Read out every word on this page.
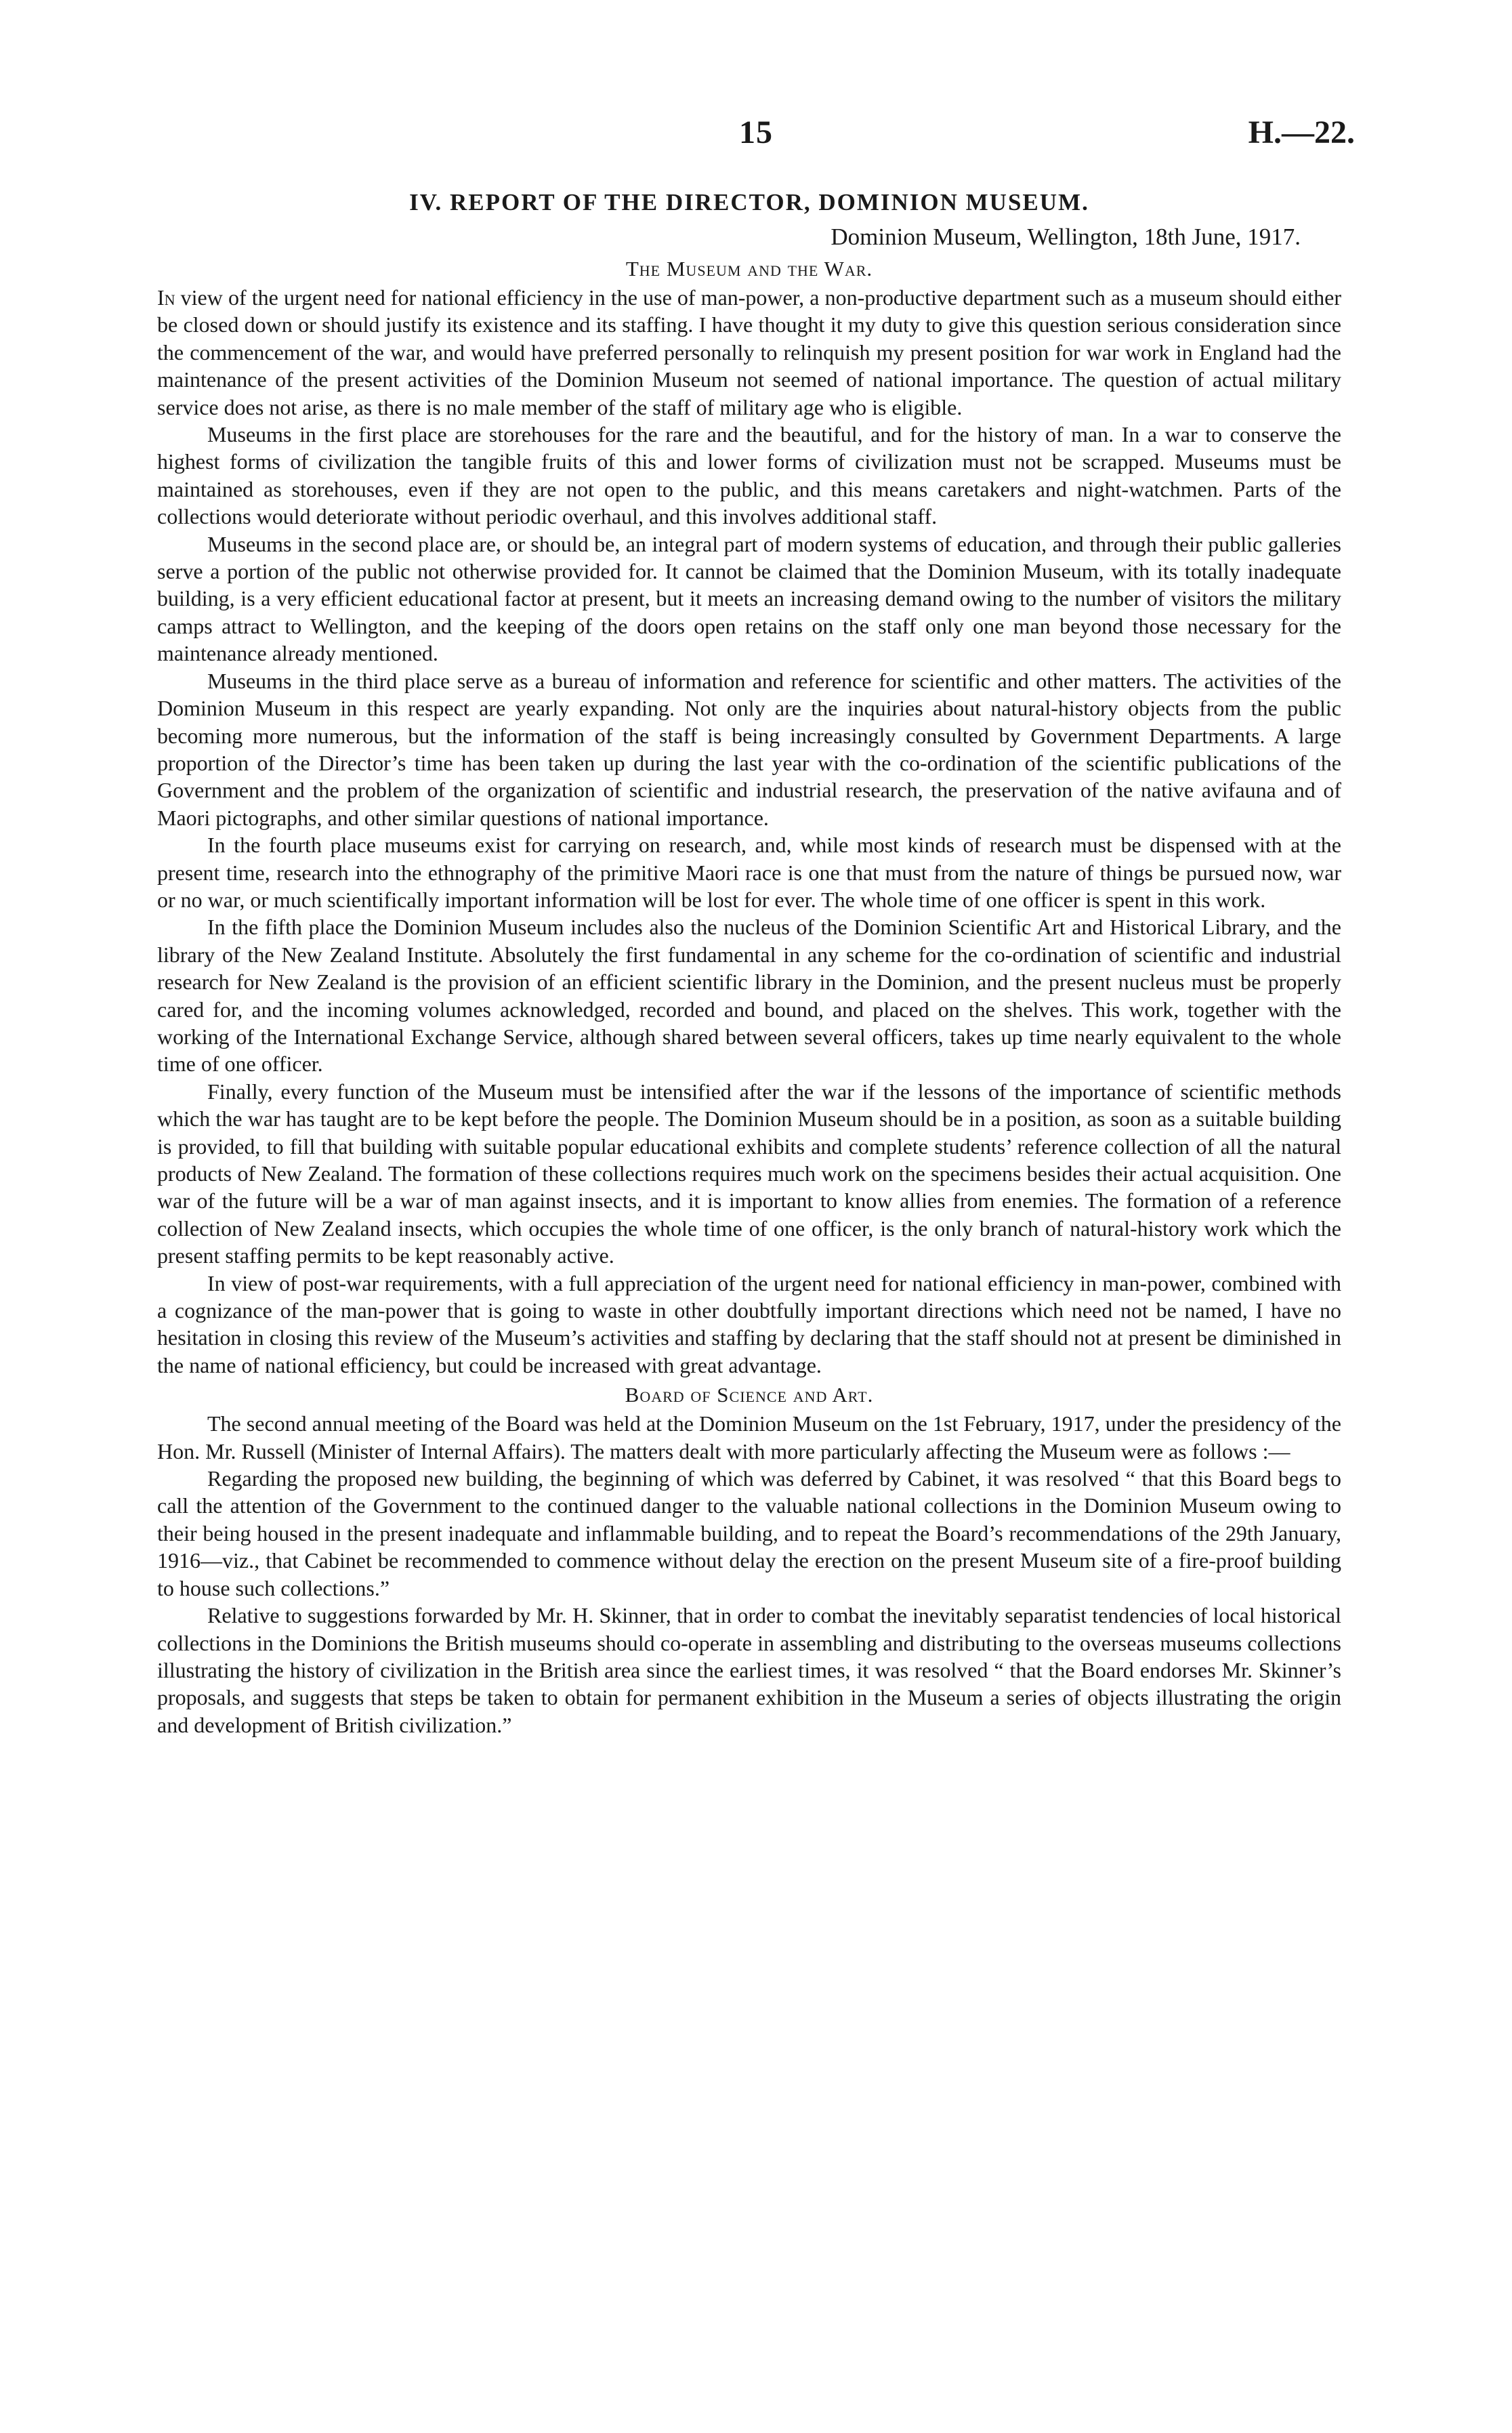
15	H.—22.
IV. REPORT OF THE DIRECTOR, DOMINION MUSEUM.
Dominion Museum, Wellington, 18th June, 1917.
The Museum and the War.

In view of the urgent need for national efficiency in the use of man-power, a non-productive department such as a museum should either be closed down or should justify its existence and its staffing. I have thought it my duty to give this question serious consideration since the commencement of the war, and would have preferred personally to relinquish my present position for war work in England had the maintenance of the present activities of the Dominion Museum not seemed of national importance. The question of actual military service does not arise, as there is no male member of the staff of military age who is eligible.

Museums in the first place are storehouses for the rare and the beautiful, and for the history of man. In a war to conserve the highest forms of civilization the tangible fruits of this and lower forms of civilization must not be scrapped. Museums must be maintained as storehouses, even if they are not open to the public, and this means caretakers and night-watchmen. Parts of the collections would deteriorate without periodic overhaul, and this involves additional staff.

Museums in the second place are, or should be, an integral part of modern systems of education, and through their public galleries serve a portion of the public not otherwise provided for. It cannot be claimed that the Dominion Museum, with its totally inadequate building, is a very efficient educational factor at present, but it meets an increasing demand owing to the number of visitors the military camps attract to Wellington, and the keeping of the doors open retains on the staff only one man beyond those necessary for the maintenance already mentioned.

Museums in the third place serve as a bureau of information and reference for scientific and other matters. The activities of the Dominion Museum in this respect are yearly expanding. Not only are the inquiries about natural-history objects from the public becoming more numerous, but the information of the staff is being increasingly consulted by Government Departments. A large proportion of the Director’s time has been taken up during the last year with the co-ordination of the scientific publications of the Government and the problem of the organization of scientific and industrial research, the preservation of the native avifauna and of Maori pictographs, and other similar questions of national importance.

In the fourth place museums exist for carrying on research, and, while most kinds of research must be dispensed with at the present time, research into the ethnography of the primitive Maori race is one that must from the nature of things be pursued now, war or no war, or much scientifically important information will be lost for ever. The whole time of one officer is spent in this work.

In the fifth place the Dominion Museum includes also the nucleus of the Dominion Scientific Art and Historical Library, and the library of the New Zealand Institute. Absolutely the first fundamental in any scheme for the co-ordination of scientific and industrial research for New Zealand is the provision of an efficient scientific library in the Dominion, and the present nucleus must be properly cared for, and the incoming volumes acknowledged, recorded and bound, and placed on the shelves. This work, together with the working of the International Exchange Service, although shared between several officers, takes up time nearly equivalent to the whole time of one officer.

Finally, every function of the Museum must be intensified after the war if the lessons of the importance of scientific methods which the war has taught are to be kept before the people. The Dominion Museum should be in a position, as soon as a suitable building is provided, to fill that building with suitable popular educational exhibits and complete students’ reference collection of all the natural products of New Zealand. The formation of these collections requires much work on the specimens besides their actual acquisition. One war of the future will be a war of man against insects, and it is important to know allies from enemies. The formation of a reference collection of New Zealand insects, which occupies the whole time of one officer, is the only branch of natural-history work which the present staffing permits to be kept reasonably active.

In view of post-war requirements, with a full appreciation of the urgent need for national efficiency in man-power, combined with a cognizance of the man-power that is going to waste in other doubtfully important directions which need not be named, I have no hesitation in closing this review of the Museum’s activities and staffing by declaring that the staff should not at present be diminished in the name of national efficiency, but could be increased with great advantage.

Board of Science and Art.

The second annual meeting of the Board was held at the Dominion Museum on the 1st February, 1917, under the presidency of the Hon. Mr. Russell (Minister of Internal Affairs). The matters dealt with more particularly affecting the Museum were as follows :—

Regarding the proposed new building, the beginning of which was deferred by Cabinet, it was resolved “ that this Board begs to call the attention of the Government to the continued danger to the valuable national collections in the Dominion Museum owing to their being housed in the present inadequate and inflammable building, and to repeat the Board’s recommendations of the 29th January, 1916—viz., that Cabinet be recommended to commence without delay the erection on the present Museum site of a fire-proof building to house such collections.”

Relative to suggestions forwarded by Mr. H. Skinner, that in order to combat the inevitably separatist tendencies of local historical collections in the Dominions the British museums should co-operate in assembling and distributing to the overseas museums collections illustrating the history of civilization in the British area since the earliest times, it was resolved “ that the Board endorses Mr. Skinner’s proposals, and suggests that steps be taken to obtain for permanent exhibition in the Museum a series of objects illustrating the origin and development of British civilization.”
